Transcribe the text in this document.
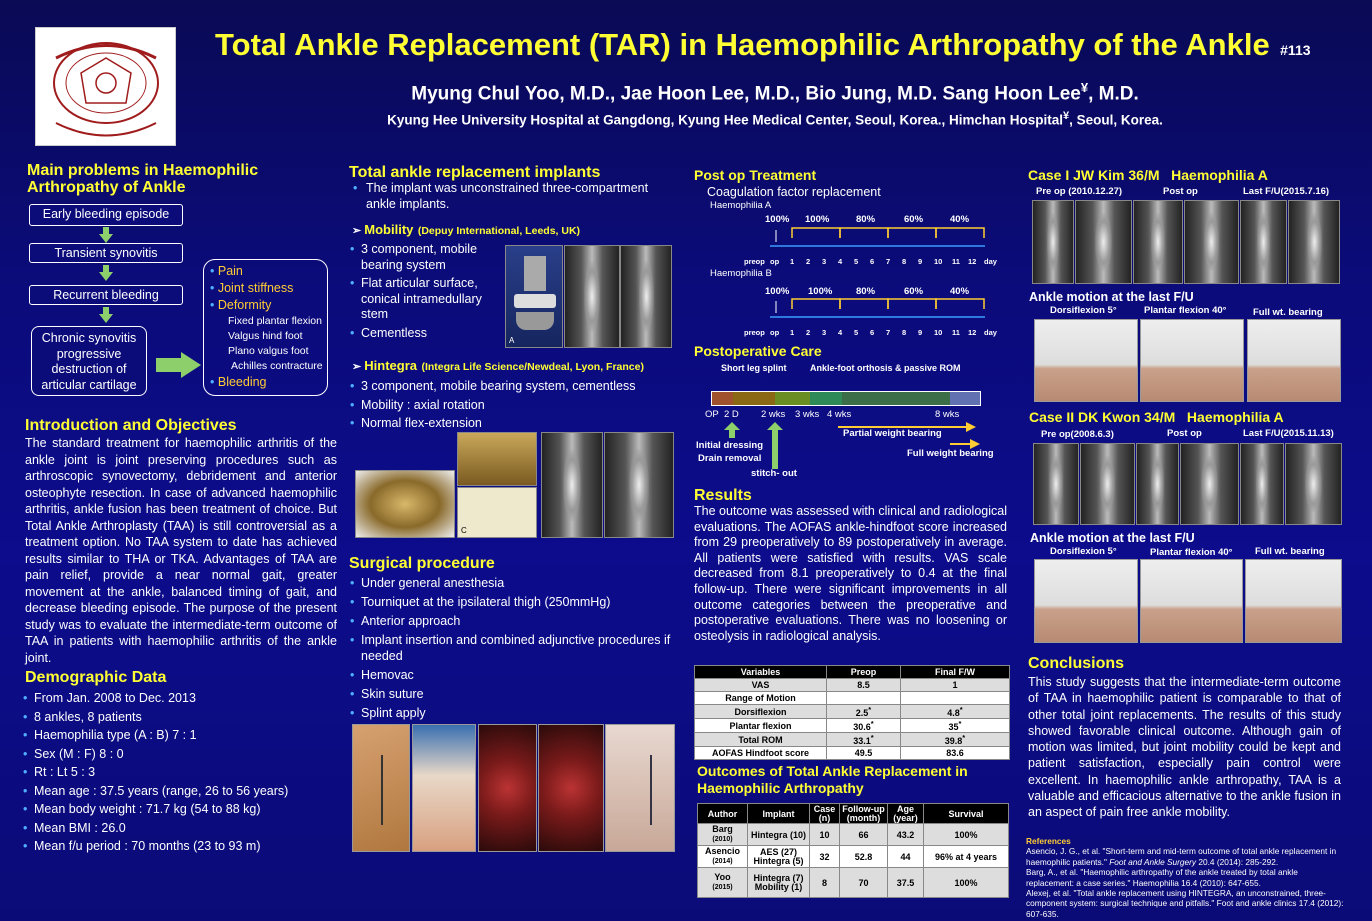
Total Ankle Replacement (TAR) in Haemophilic Arthropathy of the Ankle #113
Myung Chul Yoo, M.D., Jae Hoon Lee, M.D., Bio Jung, M.D. Sang Hoon Lee¥, M.D.
Kyung Hee University Hospital at Gangdong, Kyung Hee Medical Center, Seoul, Korea., Himchan Hospital¥, Seoul, Korea.
Main problems in Haemophilic Arthropathy of Ankle
Early bleeding episode
Transient synovitis
Recurrent bleeding
Chronic synovitis progressive destruction of articular cartilage
• Pain
• Joint stiffness
• Deformity
Fixed plantar flexion
Valgus hind foot
Plano valgus foot
Achilles contracture
• Bleeding
Introduction and Objectives
The standard treatment for haemophilic arthritis of the ankle joint is joint preserving procedures such as arthroscopic synovectomy, debridement and anterior osteophyte resection. In case of advanced haemophilic arthritis, ankle fusion has been treatment of choice. But Total Ankle Arthroplasty (TAA) is still controversial as a treatment option. No TAA system to date has achieved results similar to THA or TKA. Advantages of TAA are pain relief, provide a near normal gait, greater movement at the ankle, balanced timing of gait, and decrease bleeding episode. The purpose of the present study was to evaluate the intermediate-term outcome of TAA in patients with haemophilic arthritis of the ankle joint.
Demographic Data
• From Jan. 2008 to Dec. 2013
• 8 ankles, 8 patients
• Haemophilia type (A : B) 7 : 1
• Sex (M : F) 8 : 0
• Rt : Lt 5 : 3
• Mean age : 37.5 years (range, 26 to 56 years)
• Mean body weight : 71.7 kg (54 to 88 kg)
• Mean BMI : 26.0
• Mean f/u period : 70 months (23 to 93 m)
Total ankle replacement implants
• The implant was unconstrained three-compartment ankle implants.
➢ Mobility (Depuy International, Leeds, UK)
• 3 component, mobile bearing system
• Flat articular surface, conical intramedullary stem
• Cementless
A
➢ Hintegra (Integra Life Science/Newdeal, Lyon, France)
• 3 component, mobile bearing system, cementless
• Mobility : axial rotation
• Normal flex-extension
C
Surgical procedure
• Under general anesthesia
• Tourniquet at the ipsilateral thigh (250mmHg)
• Anterior approach
• Implant insertion and combined adjunctive procedures if needed
• Hemovac
• Skin suture
• Splint apply
Post op Treatment
Coagulation factor replacement
Haemophilia A
Haemophilia B
100% 100%	80%	60%	40%
100% 100% 80%	60%	40%
preop op 1 2 3 4 5 6 7 8 9 10 11 12 day
preop op 1 2 3 4 5 6 7 8 9 10 11 12 day
Postoperative Care
Short leg splint	Ankle-foot orthosis & passive ROM
OP 2 D 2 wks 3 wks 4 wks	8 wks
Partial weight bearing
Full weight bearing
Initial dressing
Drain removal
stitch- out
Results
The outcome was assessed with clinical and radiological evaluations. The AOFAS ankle-hindfoot score increased from 29 preoperatively to 89 postoperatively in average. All patients were satisfied with results. VAS scale decreased from 8.1 preoperatively to 0.4 at the final follow-up. There were significant improvements in all outcome categories between the preoperative and postoperative evaluations. There was no loosening or osteolysis in radiological analysis.
Variables	Preop	Final F/W
VAS	8.5	1
Range of Motion		
Dorsiflexion	2.5*	4.8*
Plantar flexion	30.6*	35*
Total ROM	33.1*	39.8*
AOFAS Hindfoot score	49.5	83.6
Outcomes of Total Ankle Replacement in Haemophilic Arthropathy
Author	Implant	Case (n)	Follow-up (month)	Age (year)	Survival
Barg
(2010)	Hintegra (10)	10	66	43.2	100%
Asencio
(2014)	AES (27) Hintegra (5)	32	52.8	44	96% at 4 years
Yoo
(2015)	Hintegra (7) Mobility (1)	8	70	37.5	100%
Case I JW Kim 36/M   Haemophilia A
Pre op (2010.12.27)	Post op	Last F/U(2015.7.16)
Ankle motion at the last F/U
Dorsiflexion 5°	Plantar flexion 40°	Full wt. bearing
Case II DK Kwon 34/M   Haemophilia A
Pre op(2008.6.3)	Post op	Last F/U(2015.11.13)
Ankle motion at the last F/U
Dorsiflexion 5°	Plantar flexion 40° Full wt. bearing
Conclusions
This study suggests that the intermediate-term outcome of TAA in haemophilic patient is comparable to that of other total joint replacements. The results of this study showed favorable clinical outcome. Although gain of motion was limited, but joint mobility could be kept and patient satisfaction, especially pain control were excellent. In haemophilic ankle arthropathy, TAA is a valuable and efficacious alternative to the ankle fusion in an aspect of pain free ankle mobility.
References
Asencio, J. G., et al. "Short-term and mid-term outcome of total ankle replacement in haemophilic patients." Foot and Ankle Surgery 20.4 (2014): 285-292.
Barg, A., et al. "Haemophilic arthropathy of the ankle treated by total ankle replacement: a case series." Haemophilia 16.4 (2010): 647-655.
Alexej, et al. "Total ankle replacement using HINTEGRA, an unconstrained, three-component system: surgical technique and pitfalls." Foot and ankle clinics 17.4 (2012): 607-635.
